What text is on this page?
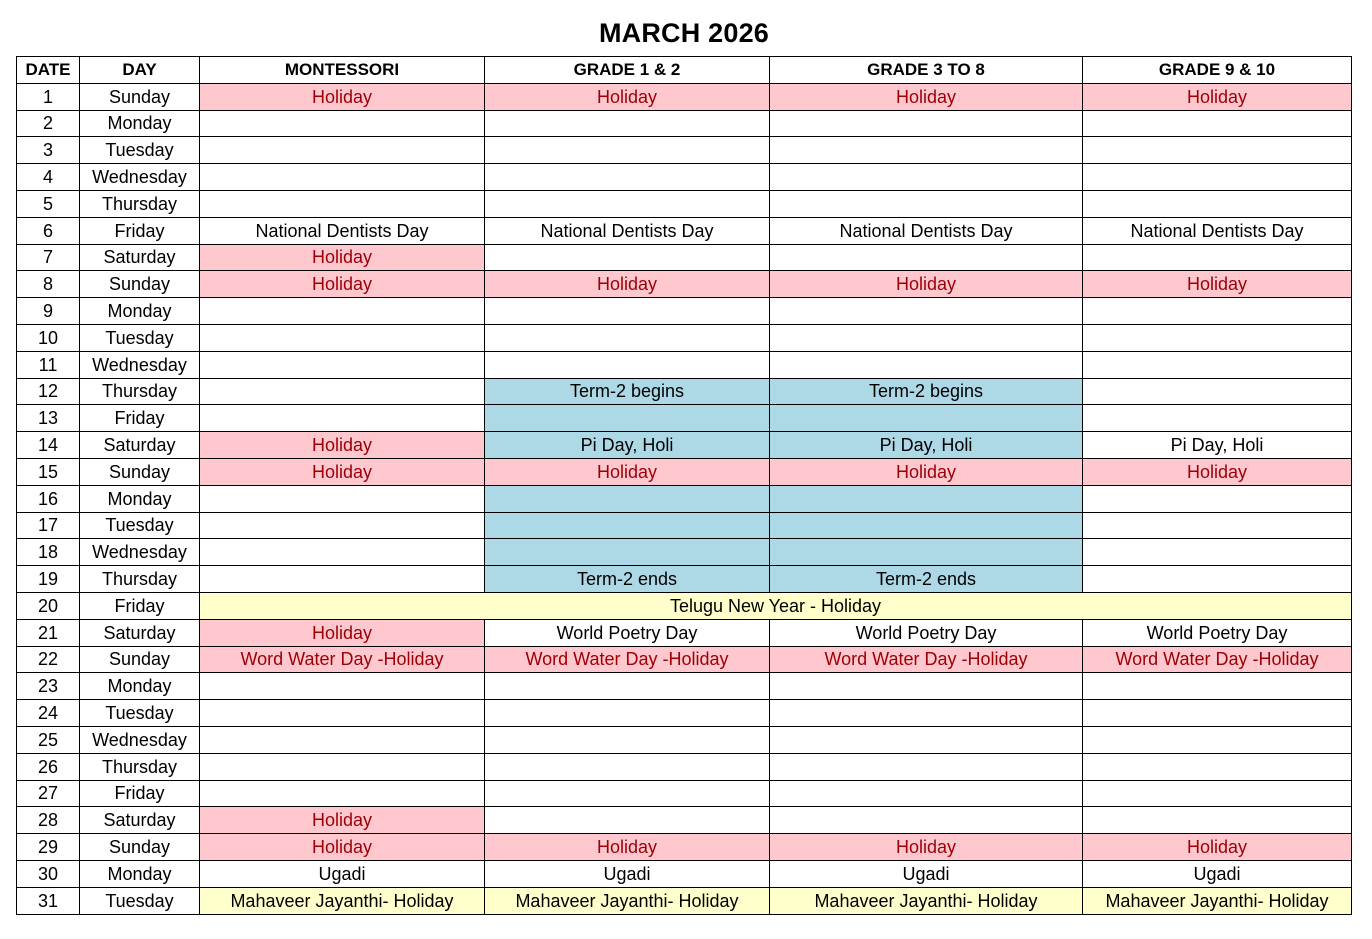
MARCH 2026
DATE	DAY	MONTESSORI	GRADE 1 & 2	GRADE 3 TO 8	GRADE 9 & 10
1	Sunday	Holiday	Holiday	Holiday	Holiday
2	Monday				
3	Tuesday				
4	Wednesday				
5	Thursday				
6	Friday	National Dentists Day	National Dentists Day	National Dentists Day	National Dentists Day
7	Saturday	Holiday			
8	Sunday	Holiday	Holiday	Holiday	Holiday
9	Monday				
10	Tuesday				
11	Wednesday				
12	Thursday		Term-2 begins	Term-2 begins	
13	Friday				
14	Saturday	Holiday	Pi Day, Holi	Pi Day, Holi	Pi Day, Holi
15	Sunday	Holiday	Holiday	Holiday	Holiday
16	Monday				
17	Tuesday				
18	Wednesday				
19	Thursday		Term-2 ends	Term-2 ends	
20	Friday	Telugu New Year - Holiday			
21	Saturday	Holiday	World Poetry Day	World Poetry Day	World Poetry Day
22	Sunday	Word Water Day -Holiday	Word Water Day -Holiday	Word Water Day -Holiday	Word Water Day -Holiday
23	Monday				
24	Tuesday				
25	Wednesday				
26	Thursday				
27	Friday				
28	Saturday	Holiday			
29	Sunday	Holiday	Holiday	Holiday	Holiday
30	Monday	Ugadi	Ugadi	Ugadi	Ugadi
31	Tuesday	Mahaveer Jayanthi- Holiday	Mahaveer Jayanthi- Holiday	Mahaveer Jayanthi- Holiday	Mahaveer Jayanthi- Holiday
